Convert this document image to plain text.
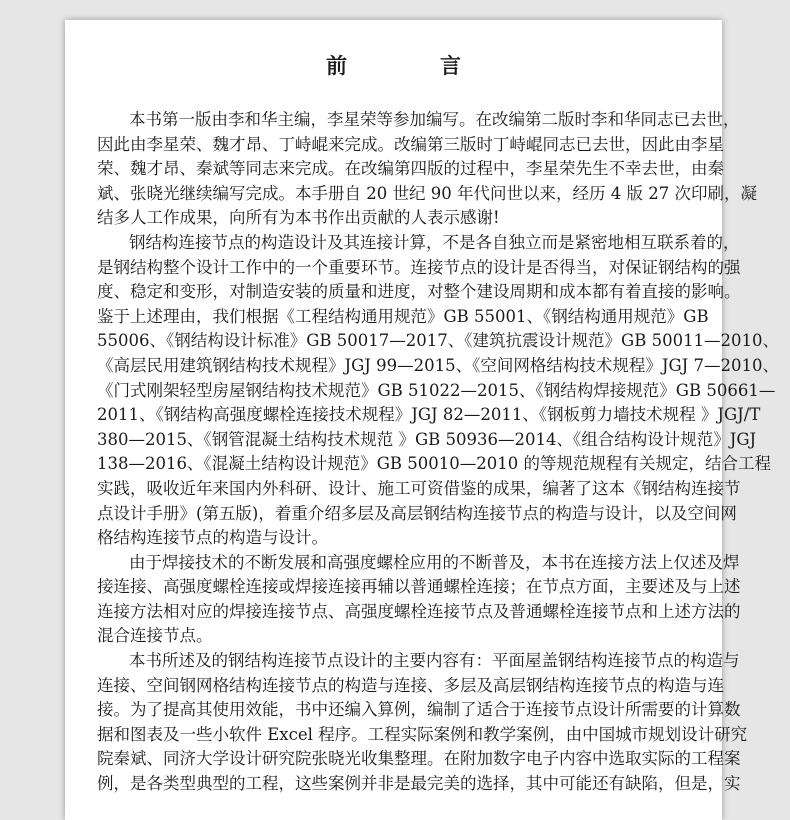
前　言
本书第一版由李和华主编，李星荣等参加编写。在改编第二版时李和华同志已去世，
因此由李星荣、魏才昂、丁峙崐来完成。改编第三版时丁峙崐同志已去世，因此由李星
荣、魏才昂、秦斌等同志来完成。在改编第四版的过程中，李星荣先生不幸去世，由秦
斌、张晓光继续编写完成。本手册自 20 世纪 90 年代问世以来，经历 4 版 27 次印刷，凝
结多人工作成果，向所有为本书作出贡献的人表示感谢!
钢结构连接节点的构造设计及其连接计算，不是各自独立而是紧密地相互联系着的，
是钢结构整个设计工作中的一个重要环节。连接节点的设计是否得当，对保证钢结构的强
度、稳定和变形，对制造安装的质量和进度，对整个建设周期和成本都有着直接的影响。
鉴于上述理由，我们根据《工程结构通用规范》GB 55001、《钢结构通用规范》GB
55006、《钢结构设计标准》GB 50017—2017、《建筑抗震设计规范》GB 50011—2010、
《高层民用建筑钢结构技术规程》JGJ 99—2015、《空间网格结构技术规程》JGJ 7—2010、
《门式刚架轻型房屋钢结构技术规范》GB 51022—2015、《钢结构焊接规范》GB 50661—
2011、《钢结构高强度螺栓连接技术规程》JGJ 82—2011、《钢板剪力墙技术规程 》JGJ/T
380—2015、《钢管混凝土结构技术规范 》GB 50936—2014、《组合结构设计规范》JGJ
138—2016、《混凝土结构设计规范》GB 50010—2010 的等规范规程有关规定，结合工程
实践，吸收近年来国内外科研、设计、施工可资借鉴的成果，编著了这本《钢结构连接节
点设计手册》(第五版)，着重介绍多层及高层钢结构连接节点的构造与设计，以及空间网
格结构连接节点的构造与设计。
由于焊接技术的不断发展和高强度螺栓应用的不断普及，本书在连接方法上仅述及焊
接连接、高强度螺栓连接或焊接连接再辅以普通螺栓连接；在节点方面，主要述及与上述
连接方法相对应的焊接连接节点、高强度螺栓连接节点及普通螺栓连接节点和上述方法的
混合连接节点。
本书所述及的钢结构连接节点设计的主要内容有：平面屋盖钢结构连接节点的构造与
连接、空间钢网格结构连接节点的构造与连接、多层及高层钢结构连接节点的构造与连
接。为了提高其使用效能，书中还编入算例，编制了适合于连接节点设计所需要的计算数
据和图表及一些小软件 Excel 程序。工程实际案例和教学案例，由中国城市规划设计研究
院秦斌、同济大学设计研究院张晓光收集整理。在附加数字电子内容中选取实际的工程案
例，是各类型典型的工程，这些案例并非是最完美的选择，其中可能还有缺陷，但是，实
